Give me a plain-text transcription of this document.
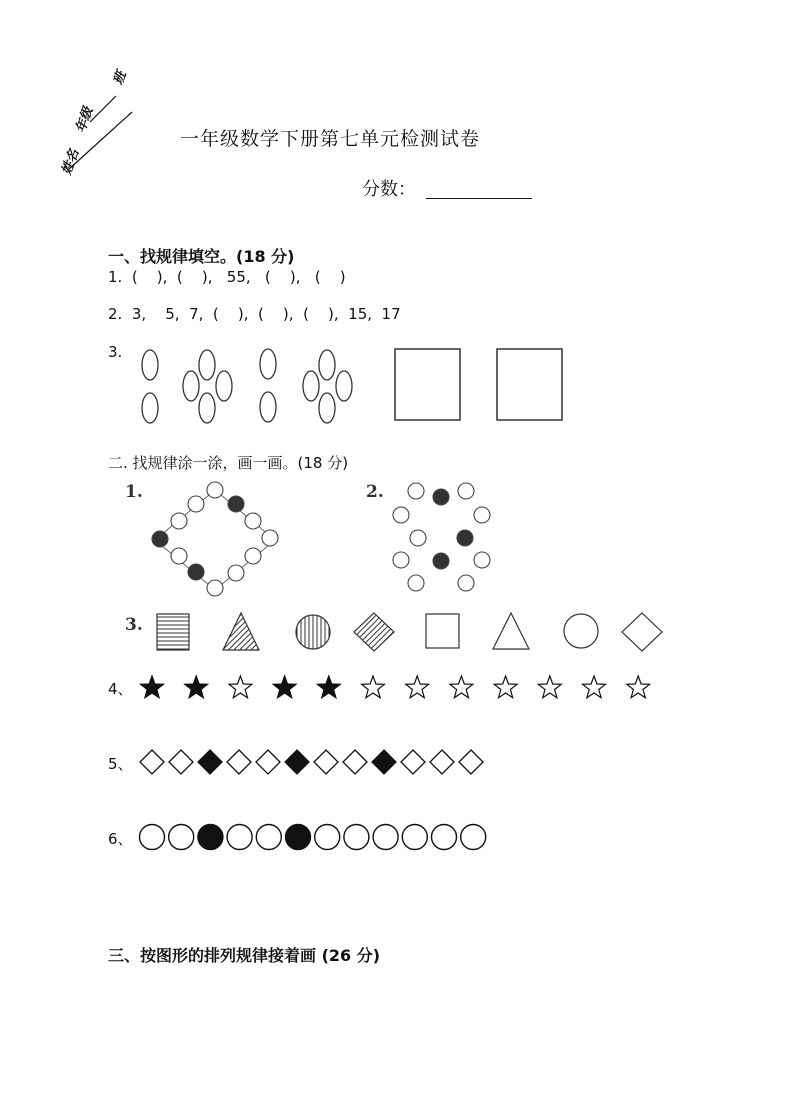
姓名
年级
班
一年级数学下册第七单元检测试卷
分数：
一、找规律填空。(18 分)
1.  (    ),  (    ),   55,   (    ),   (    )
2.  3,    5,  7,  (    ),  (    ),  (    ),  15,  17
3.
二. 找规律涂一涂，画一画。(18 分)
1.	2.
3.
4、
5、
6、
三、按图形的排列规律接着画 (26 分)
